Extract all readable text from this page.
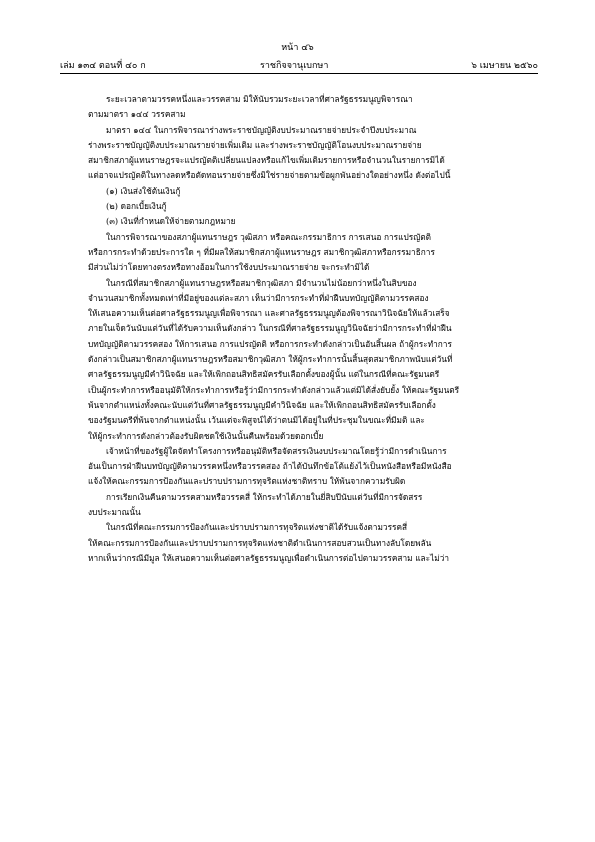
หน้า ๔๖
เล่ม ๑๓๔ ตอนที่ ๔๐ ก	ราชกิจจานุเบกษา	๖ เมษายน ๒๕๖๐

ระยะเวลาตามวรรคหนึ่งและวรรคสาม มิให้นับรวมระยะเวลาที่ศาลรัฐธรรมนูญพิจารณา

ตามมาตรา ๑๔๔ วรรคสาม

มาตรา ๑๔๔ ในการพิจารณาร่างพระราชบัญญัติงบประมาณรายจ่ายประจำปีงบประมาณ

ร่างพระราชบัญญัติงบประมาณรายจ่ายเพิ่มเติม และร่างพระราชบัญญัติโอนงบประมาณรายจ่าย

สมาชิกสภาผู้แทนราษฎรจะแปรญัตติเปลี่ยนแปลงหรือแก้ไขเพิ่มเติมรายการหรือจำนวนในรายการมิได้

แต่อาจแปรญัตติในทางลดหรือตัดทอนรายจ่ายซึ่งมิใช่รายจ่ายตามข้อผูกพันอย่างใดอย่างหนึ่ง ดังต่อไปนี้

(๑) เงินส่งใช้ต้นเงินกู้

(๒) ดอกเบี้ยเงินกู้

(๓) เงินที่กำหนดให้จ่ายตามกฎหมาย

ในการพิจารณาของสภาผู้แทนราษฎร วุฒิสภา หรือคณะกรรมาธิการ การเสนอ การแปรญัตติ

หรือการกระทำด้วยประการใด ๆ ที่มีผลให้สมาชิกสภาผู้แทนราษฎร สมาชิกวุฒิสภาหรือกรรมาธิการ

มีส่วนไม่ว่าโดยทางตรงหรือทางอ้อมในการใช้งบประมาณรายจ่าย จะกระทำมิได้

ในกรณีที่สมาชิกสภาผู้แทนราษฎรหรือสมาชิกวุฒิสภา มีจำนวนไม่น้อยกว่าหนึ่งในสิบของ

จำนวนสมาชิกทั้งหมดเท่าที่มีอยู่ของแต่ละสภา เห็นว่ามีการกระทำที่ฝ่าฝืนบทบัญญัติตามวรรคสอง

ให้เสนอความเห็นต่อศาลรัฐธรรมนูญเพื่อพิจารณา และศาลรัฐธรรมนูญต้องพิจารณาวินิจฉัยให้แล้วเสร็จ

ภายในเจ็ดวันนับแต่วันที่ได้รับความเห็นดังกล่าว ในกรณีที่ศาลรัฐธรรมนูญวินิจฉัยว่ามีการกระทำที่ฝ่าฝืน

บทบัญญัติตามวรรคสอง ให้การเสนอ การแปรญัตติ หรือการกระทำดังกล่าวเป็นอันสิ้นผล ถ้าผู้กระทำการ

ดังกล่าวเป็นสมาชิกสภาผู้แทนราษฎรหรือสมาชิกวุฒิสภา ให้ผู้กระทำการนั้นสิ้นสุดสมาชิกภาพนับแต่วันที่

ศาลรัฐธรรมนูญมีคำวินิจฉัย และให้เพิกถอนสิทธิสมัครรับเลือกตั้งของผู้นั้น แต่ในกรณีที่คณะรัฐมนตรี

เป็นผู้กระทำการหรืออนุมัติให้กระทำการหรือรู้ว่ามีการกระทำดังกล่าวแล้วแต่มิได้สั่งยับยั้ง ให้คณะรัฐมนตรี

พ้นจากตำแหน่งทั้งคณะนับแต่วันที่ศาลรัฐธรรมนูญมีคำวินิจฉัย และให้เพิกถอนสิทธิสมัครรับเลือกตั้ง

ของรัฐมนตรีที่พ้นจากตำแหน่งนั้น เว้นแต่จะพิสูจน์ได้ว่าตนมิได้อยู่ในที่ประชุมในขณะที่มีมติ และ

ให้ผู้กระทำการดังกล่าวต้องรับผิดชดใช้เงินนั้นคืนพร้อมด้วยดอกเบี้ย

เจ้าหน้าที่ของรัฐผู้ใดจัดทำโครงการหรืออนุมัติหรือจัดสรรเงินงบประมาณโดยรู้ว่ามีการดำเนินการ

อันเป็นการฝ่าฝืนบทบัญญัติตามวรรคหนึ่งหรือวรรคสอง ถ้าได้บันทึกข้อโต้แย้งไว้เป็นหนังสือหรือมีหนังสือ

แจ้งให้คณะกรรมการป้องกันและปราบปรามการทุจริตแห่งชาติทราบ ให้พ้นจากความรับผิด

การเรียกเงินคืนตามวรรคสามหรือวรรคสี่ ให้กระทำได้ภายในยี่สิบปีนับแต่วันที่มีการจัดสรร

งบประมาณนั้น

ในกรณีที่คณะกรรมการป้องกันและปราบปรามการทุจริตแห่งชาติได้รับแจ้งตามวรรคสี่

ให้คณะกรรมการป้องกันและปราบปรามการทุจริตแห่งชาติดำเนินการสอบสวนเป็นทางลับโดยพลัน

หากเห็นว่ากรณีมีมูล ให้เสนอความเห็นต่อศาลรัฐธรรมนูญเพื่อดำเนินการต่อไปตามวรรคสาม และไม่ว่า
